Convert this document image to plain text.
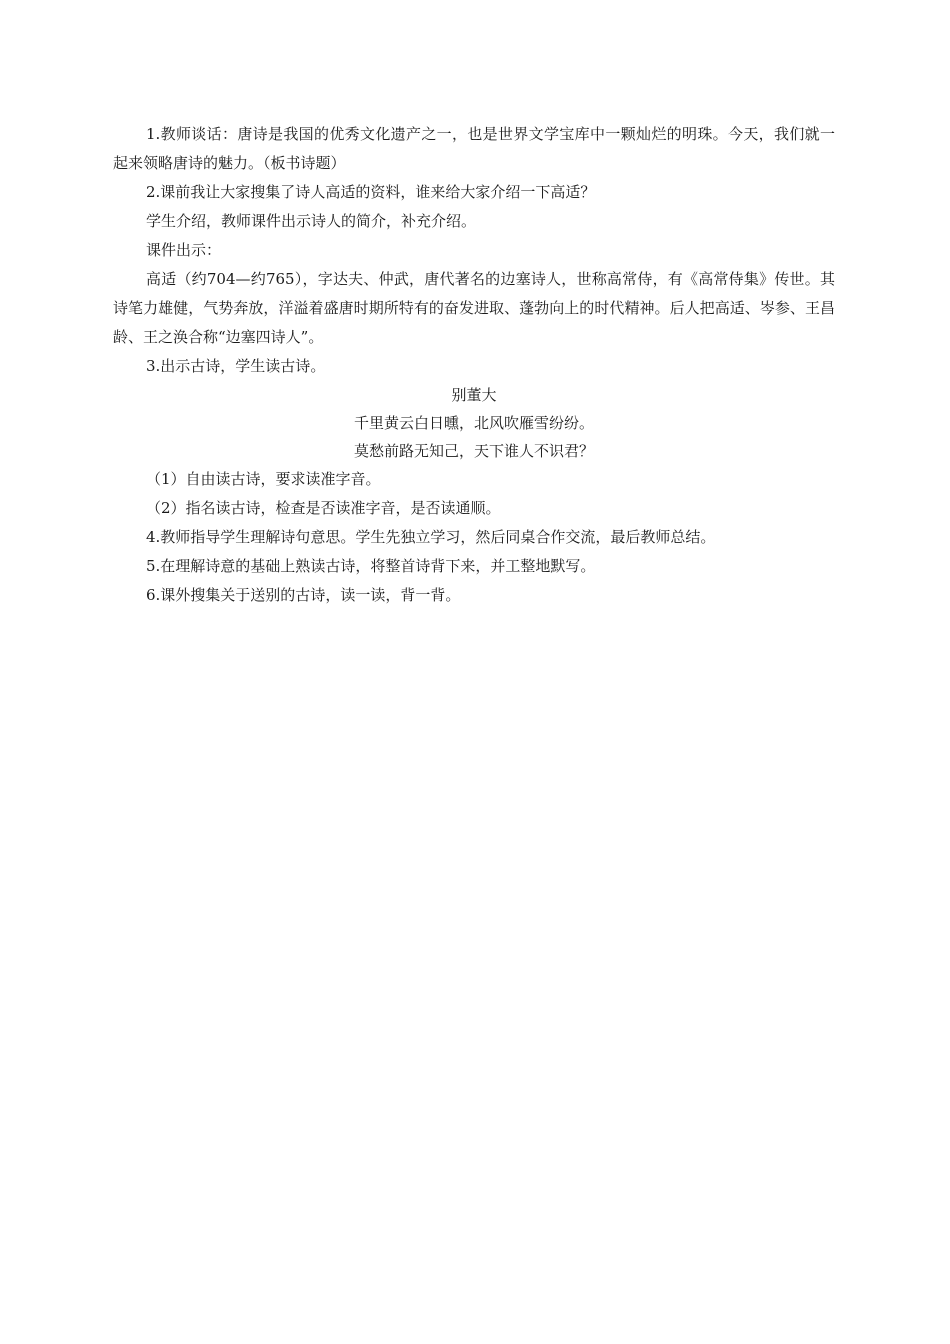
1.教师谈话：唐诗是我国的优秀文化遗产之一，也是世界文学宝库中一颗灿烂的明珠。今天，我们就一起来领略唐诗的魅力。（板书诗题）

2.课前我让大家搜集了诗人高适的资料，谁来给大家介绍一下高适？

学生介绍，教师课件出示诗人的简介，补充介绍。

课件出示：

高适（约704—约765），字达夫、仲武，唐代著名的边塞诗人，世称高常侍，有《高常侍集》传世。其诗笔力雄健，气势奔放，洋溢着盛唐时期所特有的奋发进取、蓬勃向上的时代精神。后人把高适、岑参、王昌龄、王之涣合称“边塞四诗人”。

3.出示古诗，学生读古诗。

别董大

千里黄云白日曛，北风吹雁雪纷纷。

莫愁前路无知己，天下谁人不识君？

（1）自由读古诗，要求读准字音。

（2）指名读古诗，检查是否读准字音，是否读通顺。

4.教师指导学生理解诗句意思。学生先独立学习，然后同桌合作交流，最后教师总结。

5.在理解诗意的基础上熟读古诗，将整首诗背下来，并工整地默写。

6.课外搜集关于送别的古诗，读一读，背一背。
